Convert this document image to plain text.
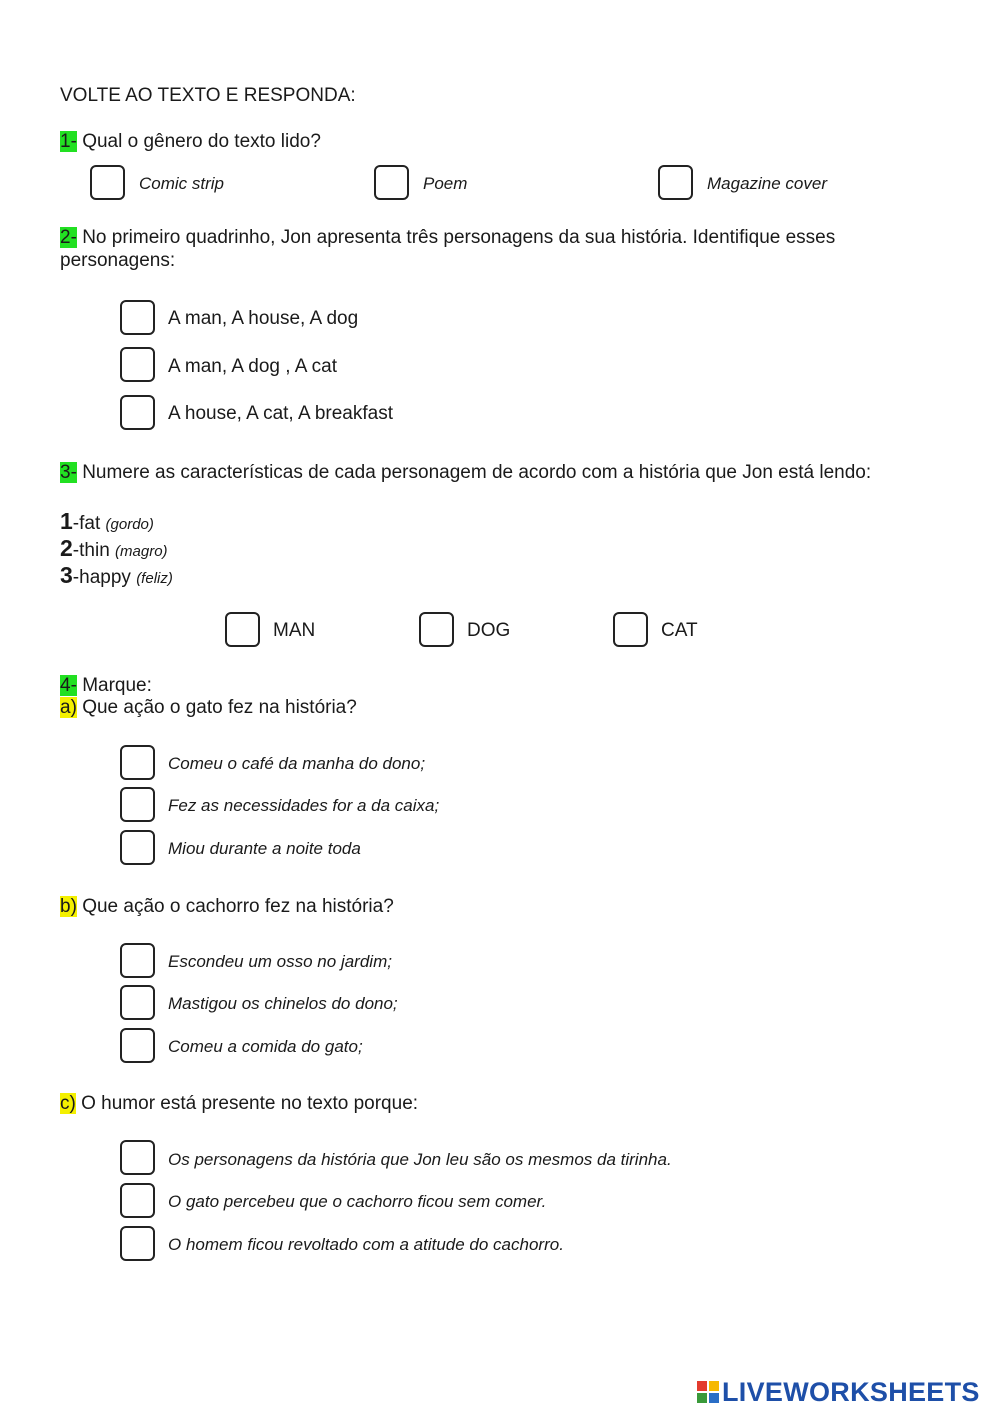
VOLTE AO TEXTO E RESPONDA:
1- Qual o gênero do texto lido?
Comic strip	Poem	Magazine cover
2- No primeiro quadrinho, Jon apresenta três personagens da sua história. Identifique esses
personagens:
A man, A house, A dog
A man, A dog , A cat
A house, A cat, A breakfast
3- Numere as características de cada personagem de acordo com a história que Jon está lendo:
1-fat (gordo)
2-thin (magro)
3-happy (feliz)
MAN	DOG	CAT
4- Marque:
a) Que ação o gato fez na história?
Comeu o café da manha do dono;
Fez as necessidades for a da caixa;
Miou durante a noite toda
b) Que ação o cachorro fez na história?
Escondeu um osso no jardim;
Mastigou os chinelos do dono;
Comeu a comida do gato;
c) O humor está presente no texto porque:
Os personagens da história que Jon leu são os mesmos da tirinha.
O gato percebeu que o cachorro ficou sem comer.
O homem ficou revoltado com a atitude do cachorro.
LIVEWORKSHEETS
